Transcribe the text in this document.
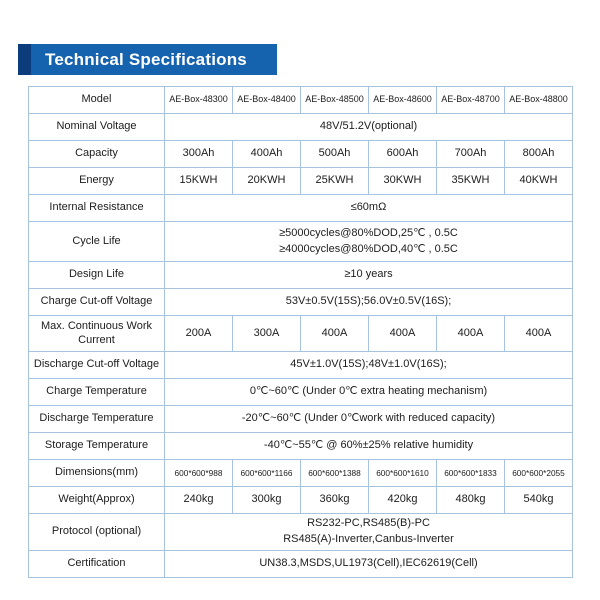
Technical Specifications
Model	AE-Box-48300	AE-Box-48400	AE-Box-48500	AE-Box-48600	AE-Box-48700	AE-Box-48800
Nominal Voltage	48V/51.2V(optional)					
Capacity	300Ah	400Ah	500Ah	600Ah	700Ah	800Ah
Energy	15KWH	20KWH	25KWH	30KWH	35KWH	40KWH
Internal Resistance	≤60mΩ					
Cycle Life	≥5000cycles@80%DOD,25℃ , 0.5C
≥4000cycles@80%DOD,40℃ , 0.5C					

Design Life	≥10 years					
Charge Cut-off Voltage	53V±0.5V(15S);56.0V±0.5V(16S);					
Max. Continuous Work Current	200A	300A	400A	400A	400A	400A
Discharge Cut-off Voltage	45V±1.0V(15S);48V±1.0V(16S);					
Charge Temperature	0℃~60℃ (Under 0℃ extra heating mechanism)					
Discharge Temperature	-20℃~60℃ (Under 0℃work with reduced capacity)					
Storage Temperature	-40℃~55℃ @ 60%±25% relative humidity					
Dimensions(mm)	600*600*988	600*600*1166	600*600*1388	600*600*1610	600*600*1833	600*600*2055
Weight(Approx)	240kg	300kg	360kg	420kg	480kg	540kg
Protocol (optional)	RS232-PC,RS485(B)-PC
RS485(A)-Inverter,Canbus-Inverter					

Certification	UN38.3,MSDS,UL1973(Cell),IEC62619(Cell)					
